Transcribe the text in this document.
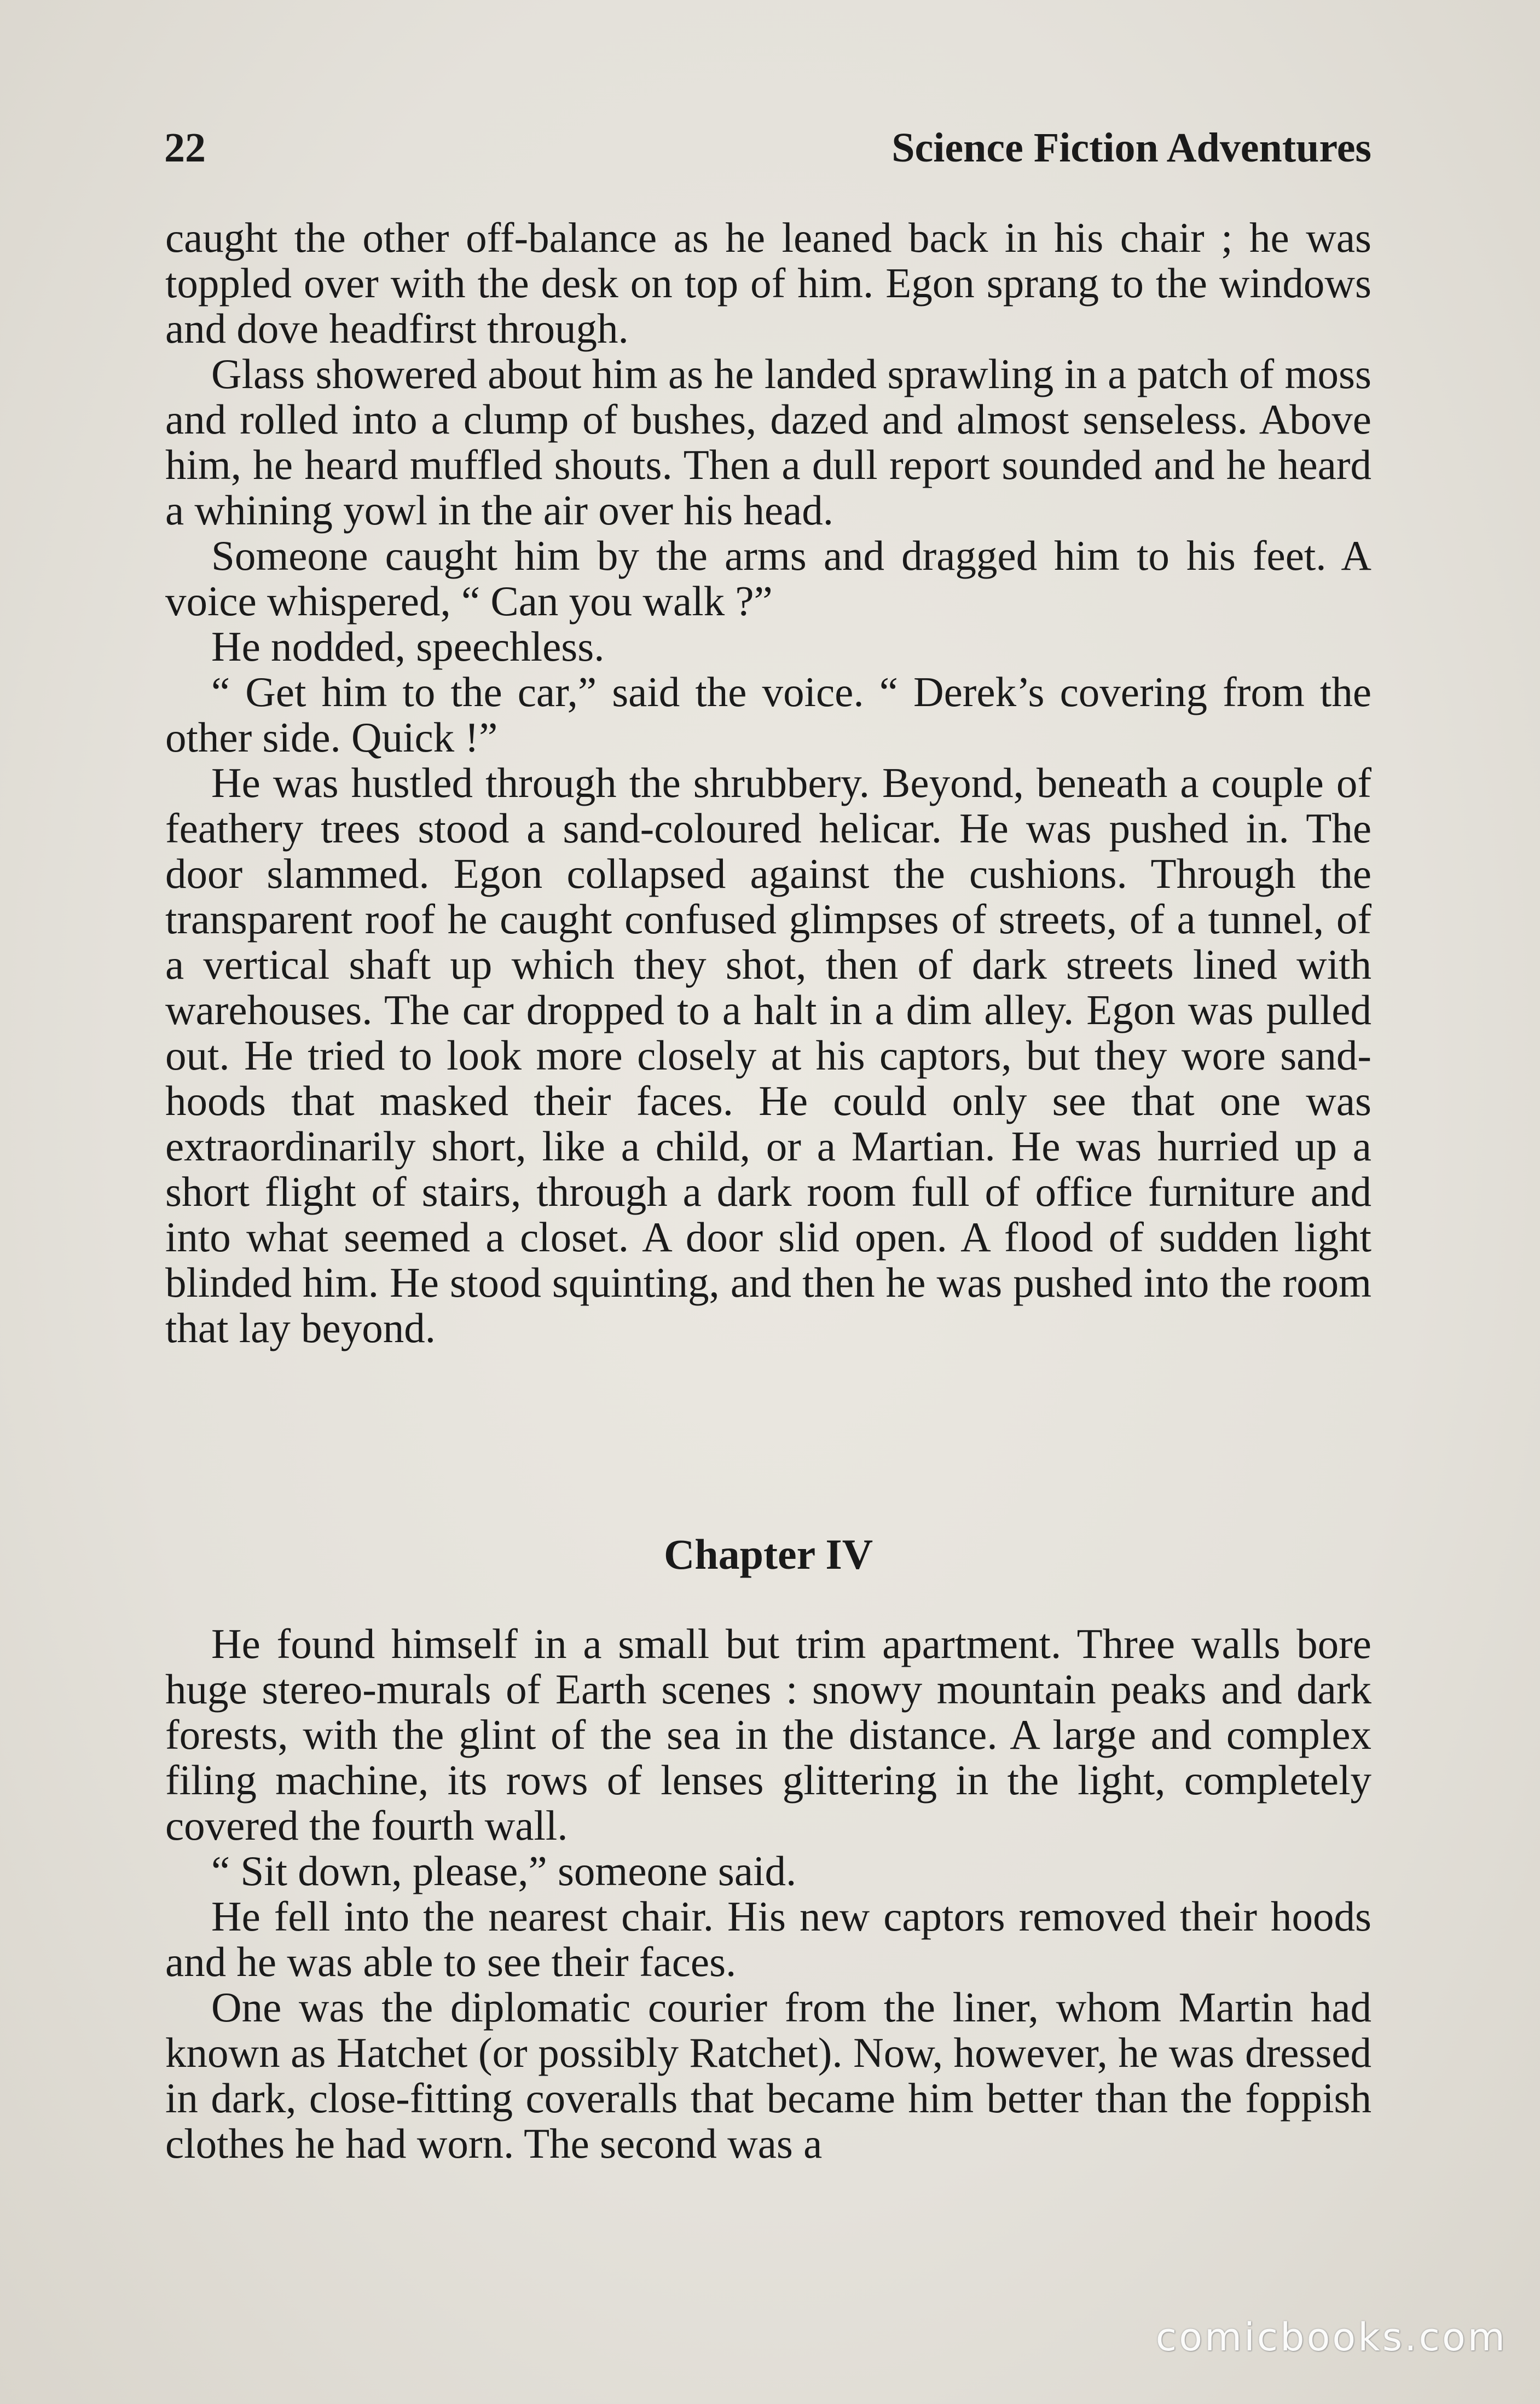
22	Science Fiction Adventures

caught the other off-balance as he leaned back in his chair ; he was toppled over with the desk on top of him. Egon sprang to the windows and dove headfirst through.

Glass showered about him as he landed sprawling in a patch of moss and rolled into a clump of bushes, dazed and almost senseless. Above him, he heard muffled shouts. Then a dull report sounded and he heard a whining yowl in the air over his head.

Someone caught him by the arms and dragged him to his feet. A voice whispered, “ Can you walk ?”

He nodded, speechless.

“ Get him to the car,” said the voice. “ Derek’s covering from the other side. Quick !”

He was hustled through the shrubbery. Beyond, beneath a couple of feathery trees stood a sand-coloured helicar. He was pushed in. The door slammed. Egon collapsed against the cushions. Through the transparent roof he caught confused glimpses of streets, of a tunnel, of a vertical shaft up which they shot, then of dark streets lined with warehouses. The car dropped to a halt in a dim alley. Egon was pulled out. He tried to look more closely at his captors, but they wore sand-hoods that masked their faces. He could only see that one was extraordinarily short, like a child, or a Martian. He was hurried up a short flight of stairs, through a dark room full of office furniture and into what seemed a closet. A door slid open. A flood of sudden light blinded him. He stood squinting, and then he was pushed into the room that lay beyond.

Chapter IV

He found himself in a small but trim apartment. Three walls bore huge stereo-murals of Earth scenes : snowy mountain peaks and dark forests, with the glint of the sea in the distance. A large and complex filing machine, its rows of lenses glittering in the light, completely covered the fourth wall.

“ Sit down, please,” someone said.

He fell into the nearest chair. His new captors removed their hoods and he was able to see their faces.

One was the diplomatic courier from the liner, whom Martin had known as Hatchet (or possibly Ratchet). Now, however, he was dressed in dark, close-fitting coveralls that became him better than the foppish clothes he had worn. The second was a

comicbooks.com
